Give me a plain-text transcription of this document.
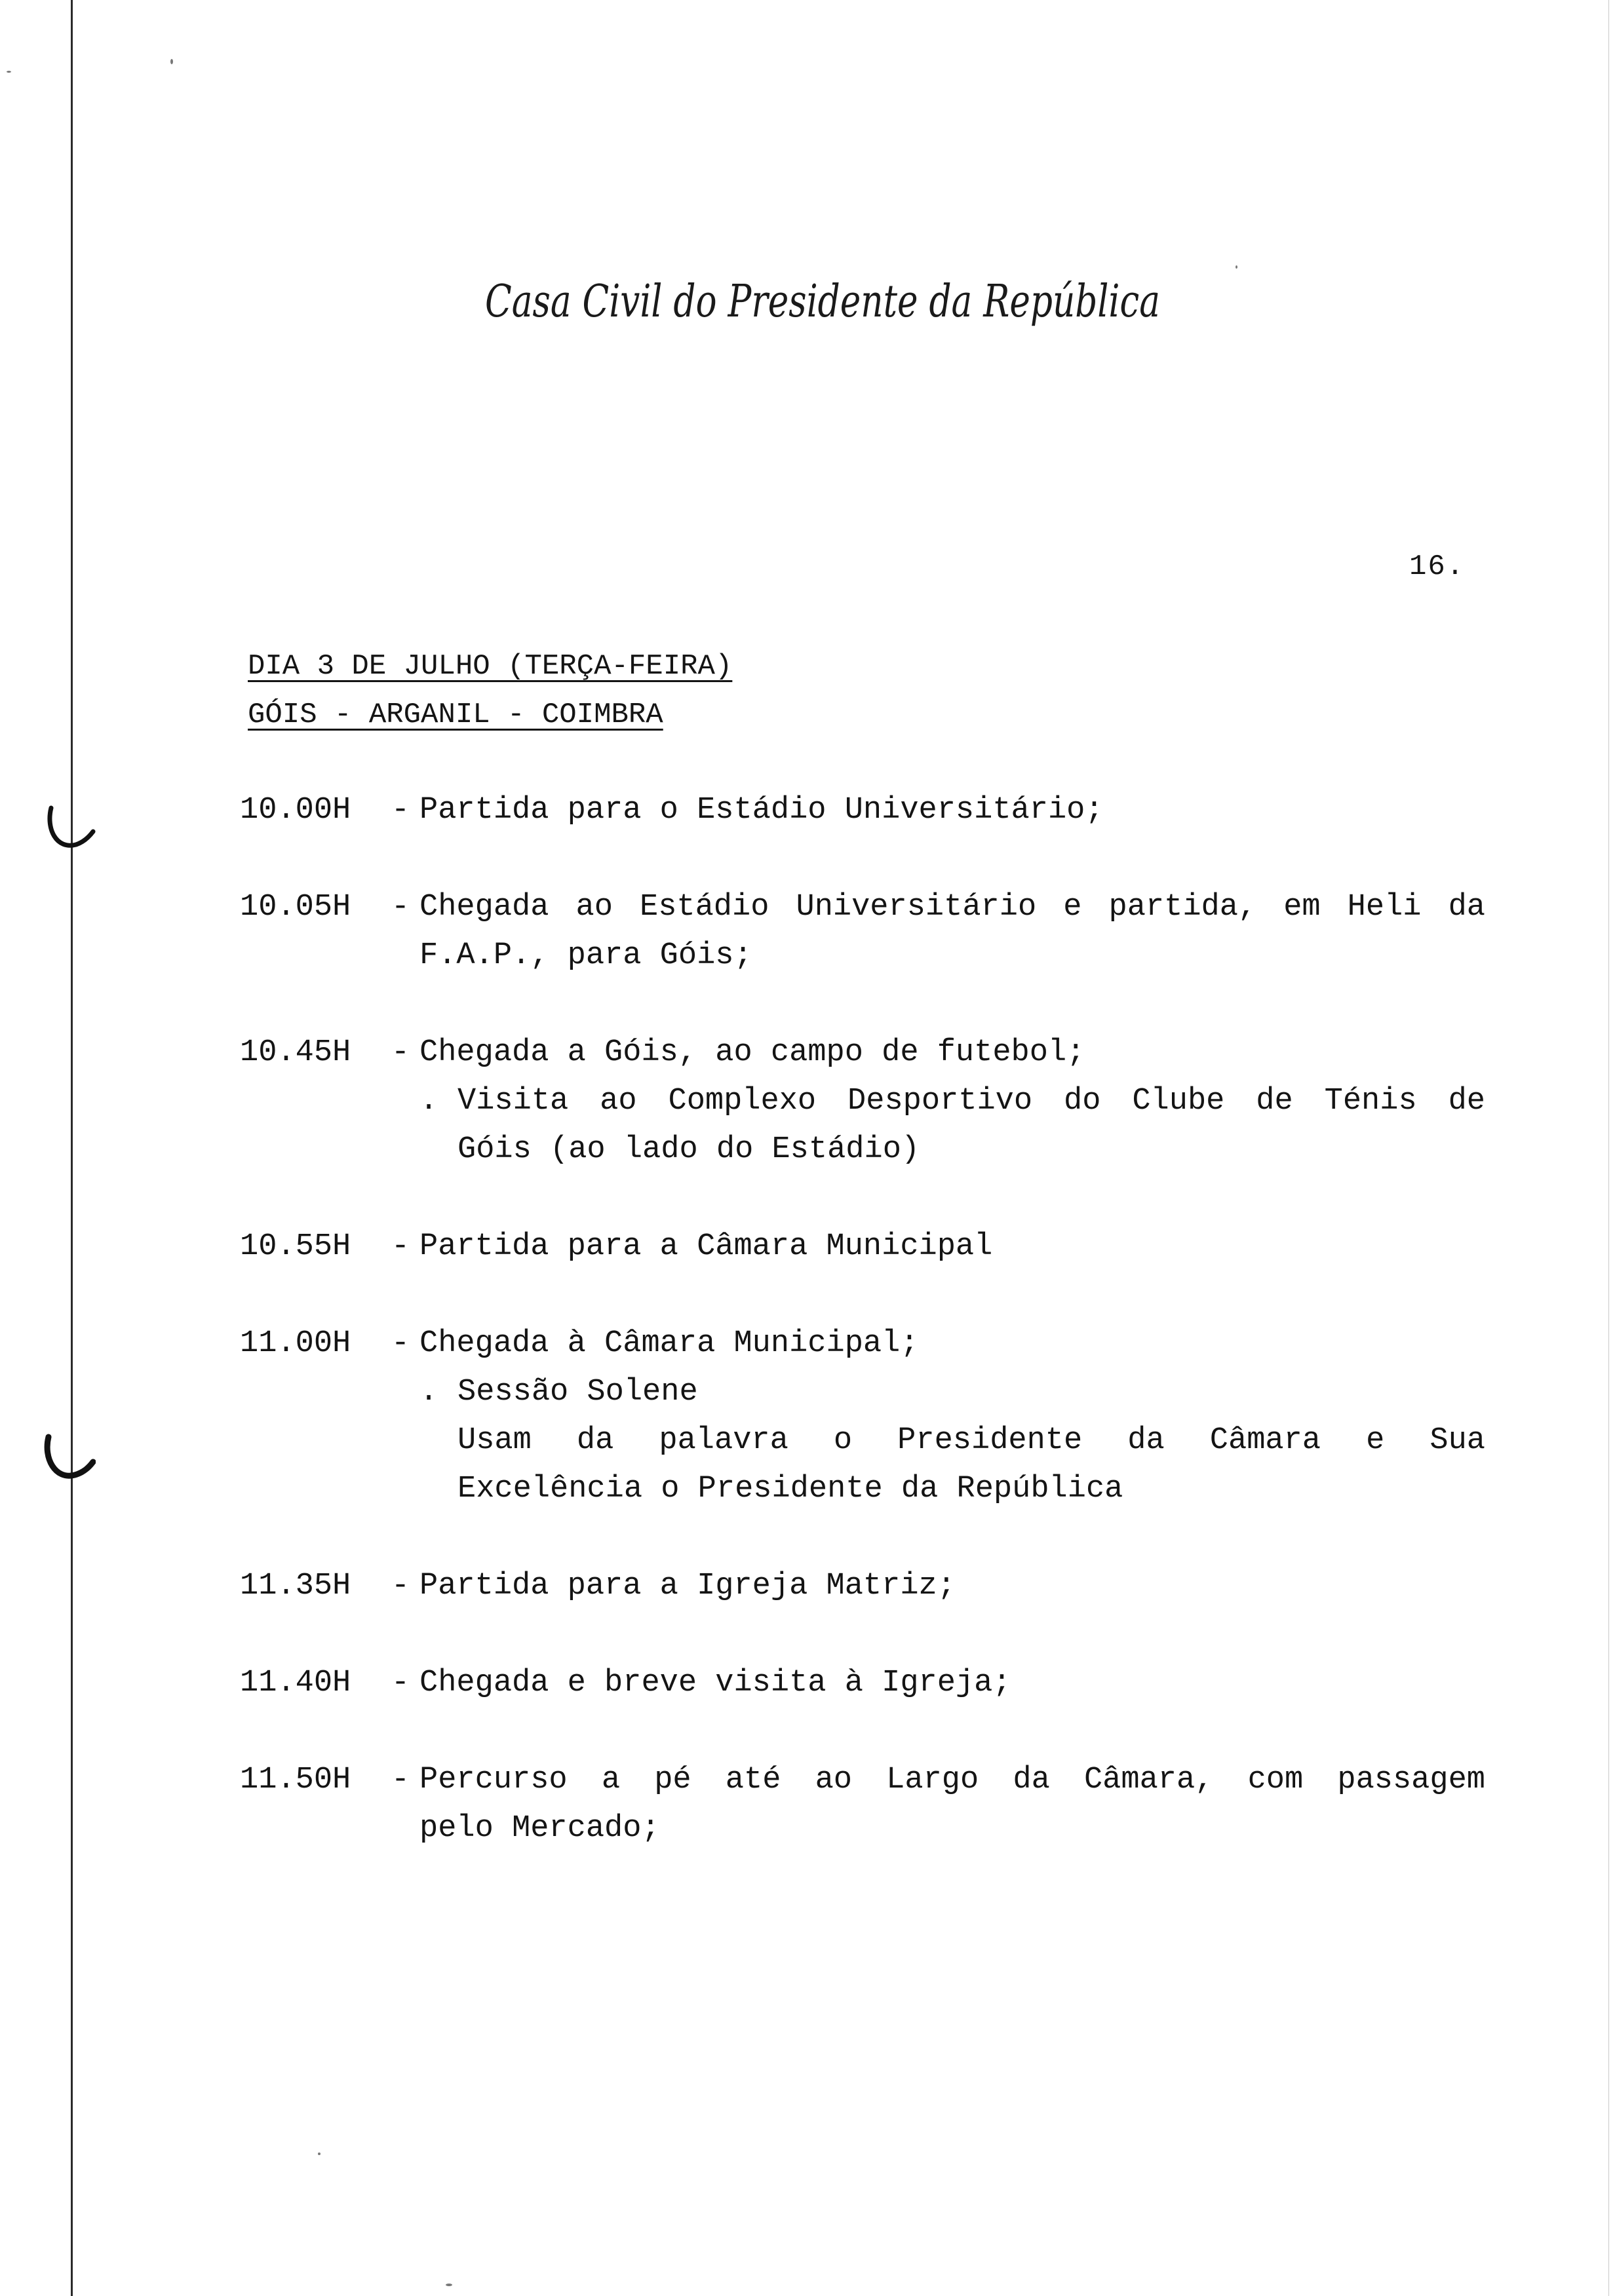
Casa Civil do Presidente da República
16.
DIA 3 DE JULHO (TERÇA-FEIRA)
GÓIS - ARGANIL - COIMBRA
10.00H	- Partida para o Estádio Universitário;
10.05H	- Chegada ao Estádio Universitário e partida, em Heli da
F.A.P., para Góis;
10.45H	- Chegada a Góis, ao campo de futebol;
. Visita ao Complexo Desportivo do Clube de Ténis de
Góis (ao lado do Estádio)
10.55H	- Partida para a Câmara Municipal
11.00H	- Chegada à Câmara Municipal;
. Sessão Solene
Usam da palavra o Presidente da Câmara e Sua
Excelência o Presidente da República
11.35H	- Partida para a Igreja Matriz;
11.40H	- Chegada e breve visita à Igreja;
11.50H	- Percurso a pé até ao Largo da Câmara, com passagem
pelo Mercado;
